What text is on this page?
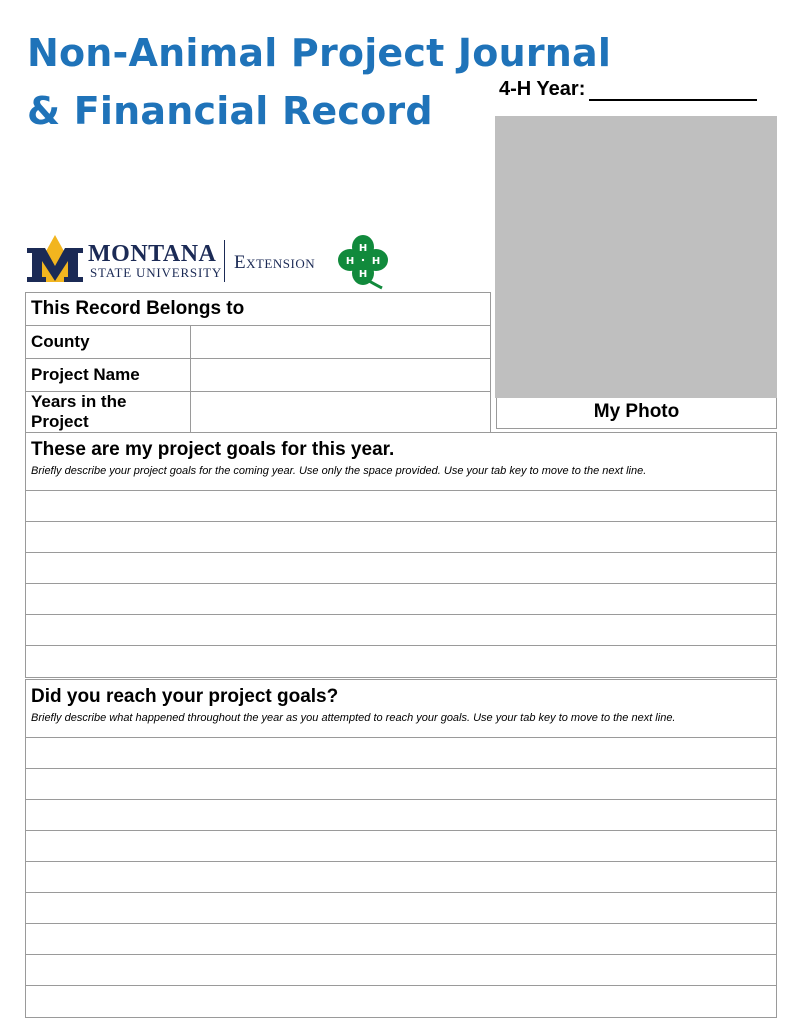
Non-Animal Project Journal
& Financial Record	4-H Year:
My Photo
MONTANA
STATE UNIVERSITY Extension
H
H
H H
This Record Belongs to	
County	
Project Name	
Years in the Project	
These are my project goals for this year.
Briefly describe your project goals for the coming year. Use only the space provided. Use your tab key to move to the next line.
Did you reach your project goals?
Briefly describe what happened throughout the year as you attempted to reach your goals. Use your tab key to move to the next line.
